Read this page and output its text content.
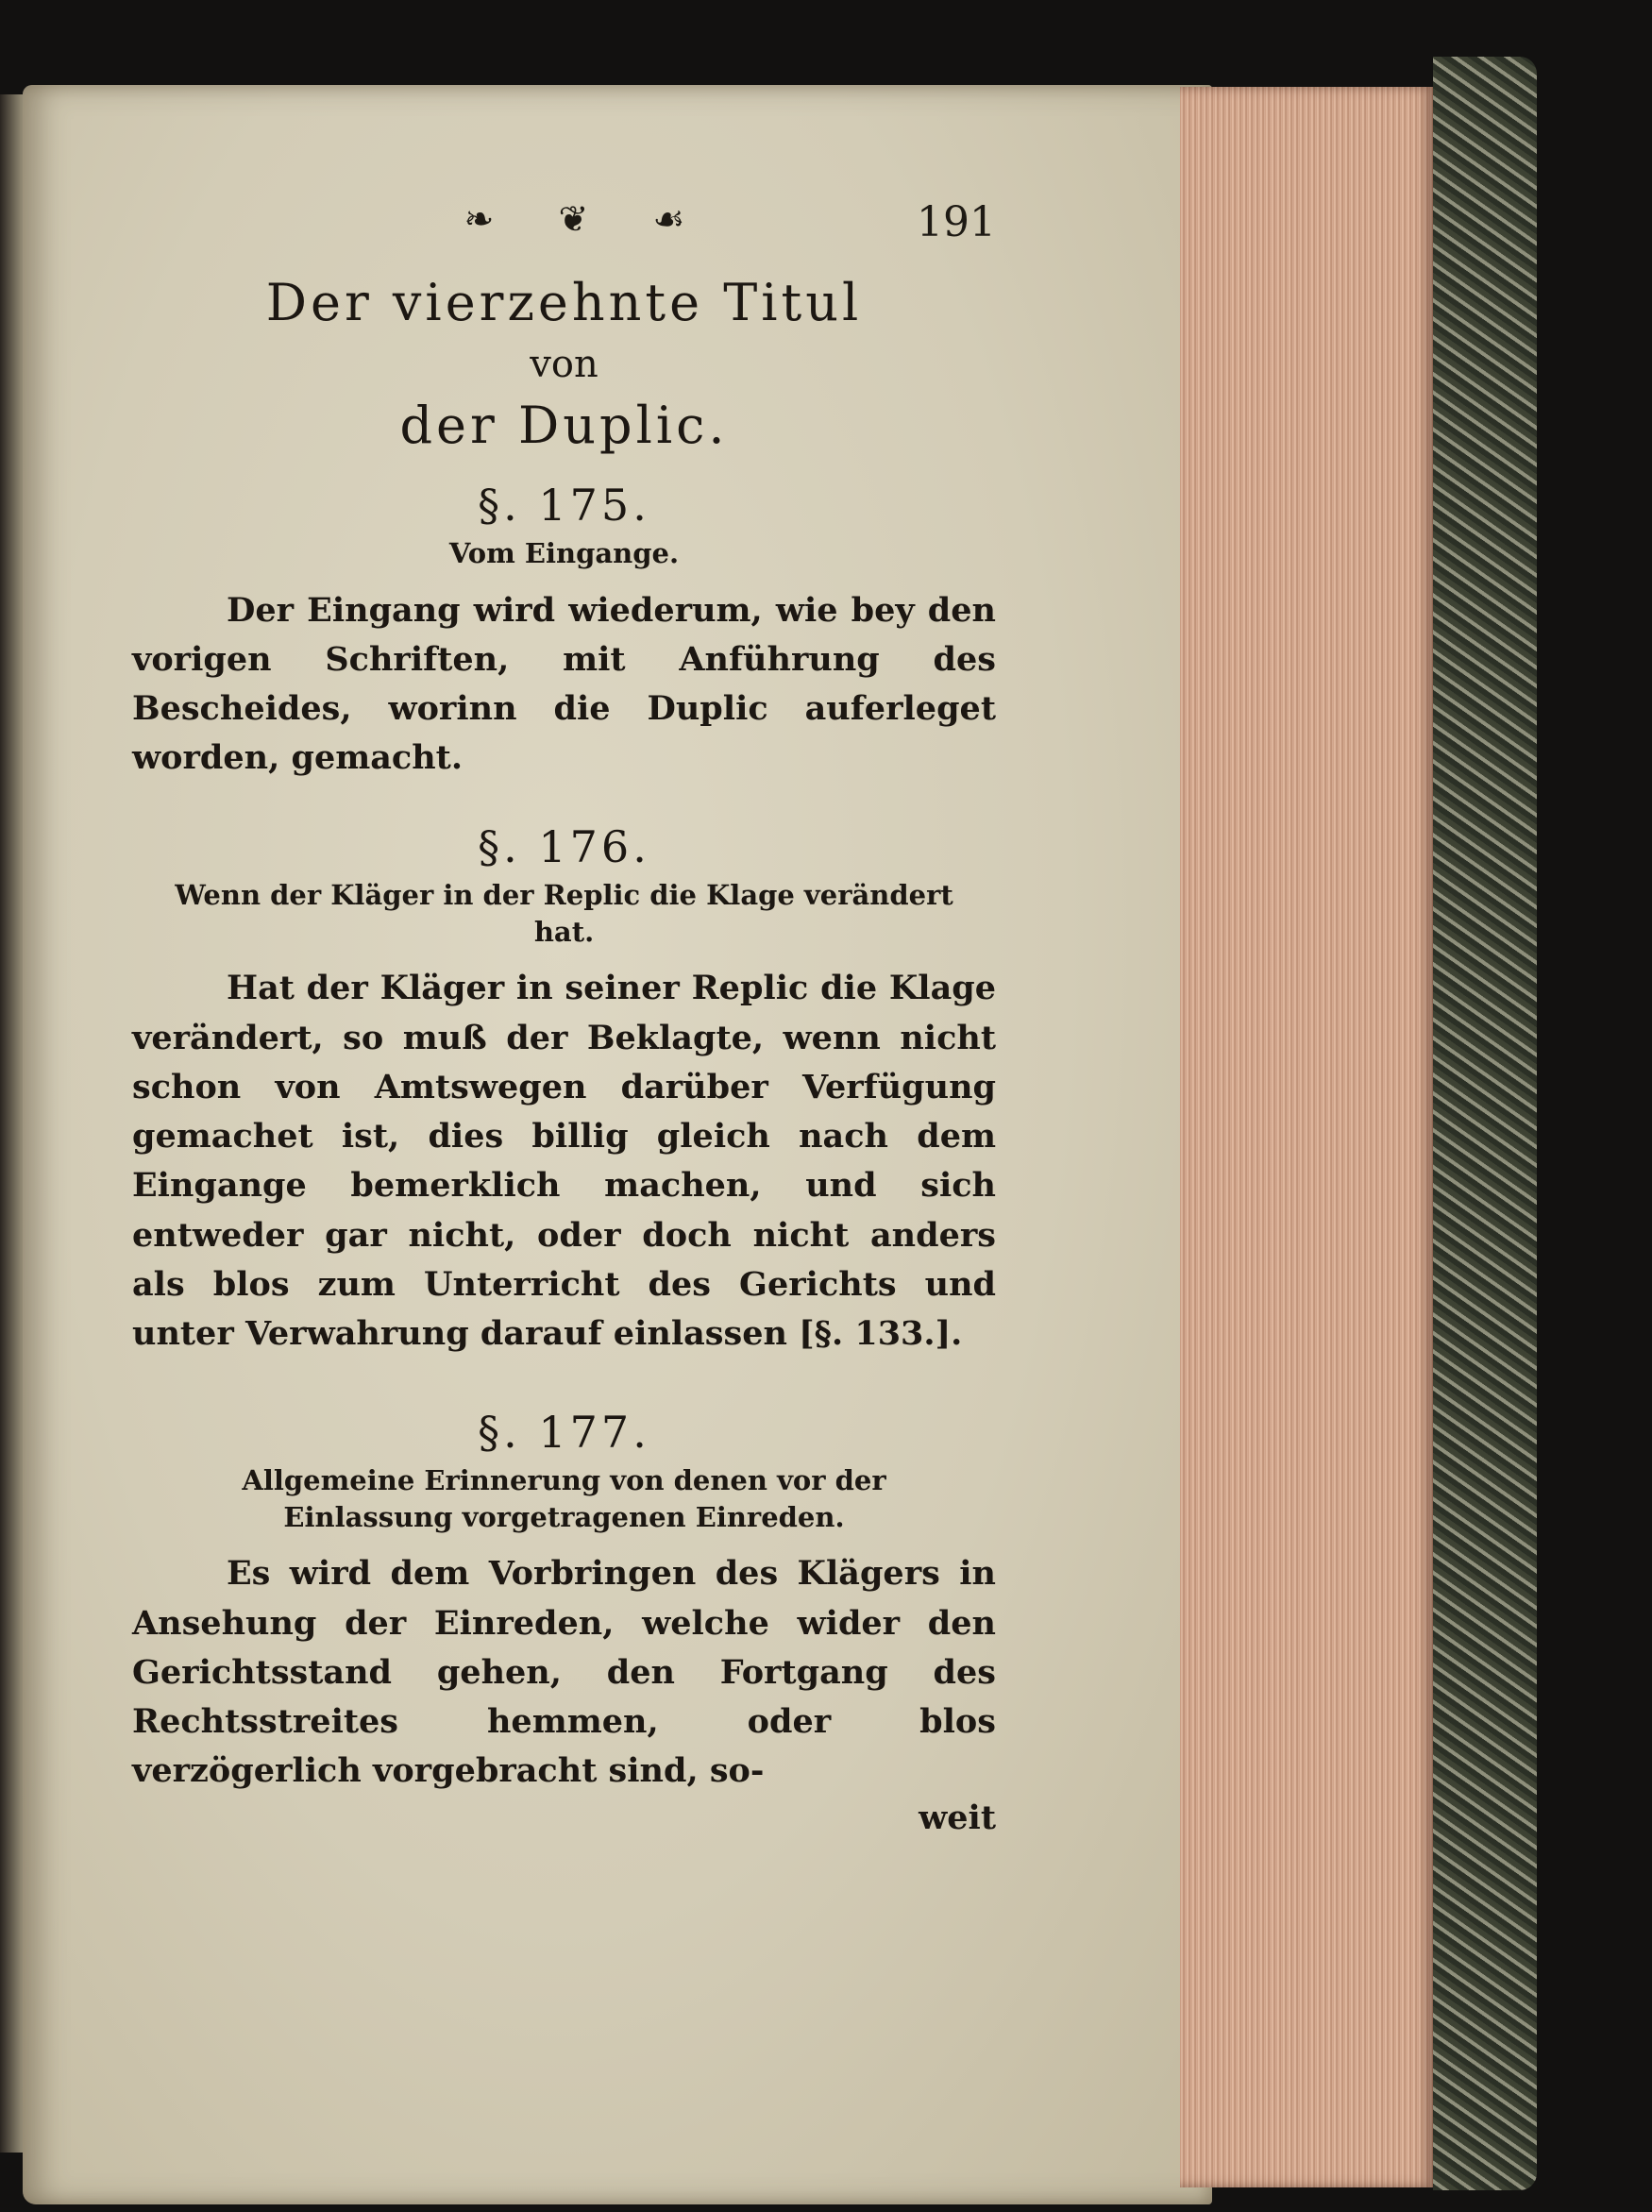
❧ ❦ ☙	191
Der vierzehnte Titul
von
der Duplic.
§. 175.
Vom Eingange.
Der Eingang wird wiederum, wie bey den vorigen Schriften, mit Anführung des Bescheides, worinn die Duplic auferleget worden, gemacht.
§. 176.
Wenn der Kläger in der Replic die Klage verändert hat.
Hat der Kläger in seiner Replic die Klage verändert, so muß der Beklagte, wenn nicht schon von Amtswegen darüber Verfügung gemachet ist, dies billig gleich nach dem Eingange bemerklich machen, und sich entweder gar nicht, oder doch nicht anders als blos zum Unterricht des Gerichts und unter Verwahrung darauf einlassen [§. 133.].
§. 177.
Allgemeine Erinnerung von denen vor der Einlassung vorgetragenen Einreden.
Es wird dem Vorbringen des Klägers in Ansehung der Einreden, welche wider den Gerichtsstand gehen, den Fortgang des Rechtsstreites hemmen, oder blos verzögerlich vorgebracht sind, so-
weit
